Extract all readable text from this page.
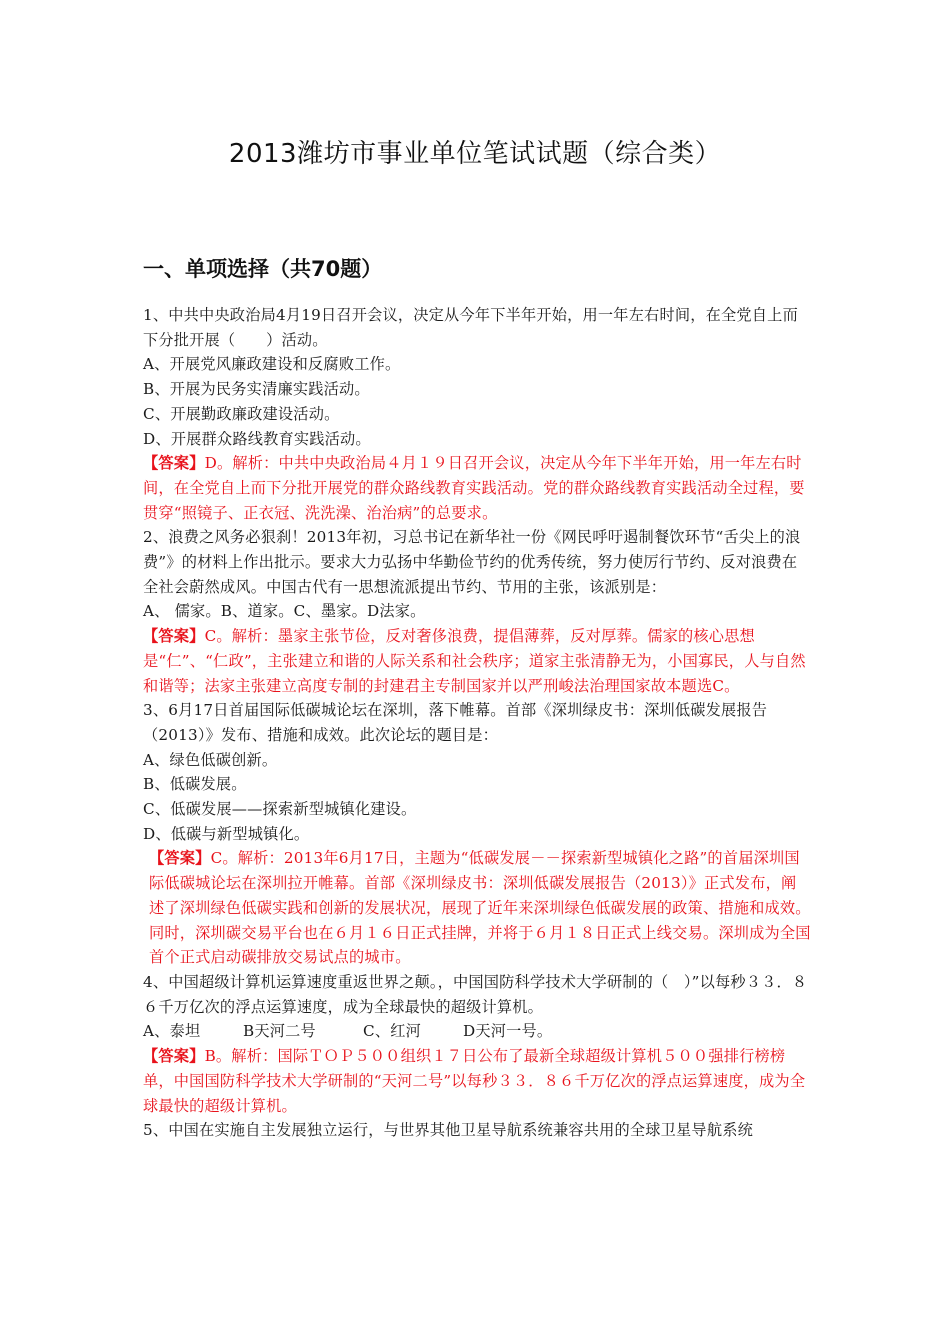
2013潍坊市事业单位笔试试题（综合类）
一、单项选择（共70题）

1、中共中央政治局4月19日召开会议，决定从今年下半年开始，用一年左右时间，在全党自上而下分批开展（　　）活动。

A、开展党风廉政建设和反腐败工作。

B、开展为民务实清廉实践活动。

C、开展勤政廉政建设活动。

D、开展群众路线教育实践活动。

【答案】D。解析：中共中央政治局４月１９日召开会议，决定从今年下半年开始，用一年左右时间，在全党自上而下分批开展党的群众路线教育实践活动。党的群众路线教育实践活动全过程，要贯穿“照镜子、正衣冠、洗洗澡、治治病”的总要求。

2、浪费之风务必狠刹！2013年初，习总书记在新华社一份《网民呼吁遏制餐饮环节“舌尖上的浪费”》的材料上作出批示。要求大力弘扬中华勤俭节约的优秀传统，努力使厉行节约、反对浪费在全社会蔚然成风。中国古代有一思想流派提出节约、节用的主张，该派别是：

A、 儒家。B、道家。C、墨家。D法家。

【答案】C。解析：墨家主张节俭，反对奢侈浪费，提倡薄葬，反对厚葬。儒家的核心思想是“仁”、“仁政”，主张建立和谐的人际关系和社会秩序；道家主张清静无为，小国寡民，人与自然和谐等；法家主张建立高度专制的封建君主专制国家并以严刑峻法治理国家故本题选C。

3、6月17日首届国际低碳城论坛在深圳，落下帷幕。首部《深圳绿皮书：深圳低碳发展报告（2013）》发布、措施和成效。此次论坛的题目是：

A、绿色低碳创新。

B、低碳发展。

C、低碳发展——探索新型城镇化建设。

D、低碳与新型城镇化。

【答案】C。解析：2013年6月17日，主题为“低碳发展－－探索新型城镇化之路”的首届深圳国际低碳城论坛在深圳拉开帷幕。首部《深圳绿皮书：深圳低碳发展报告（2013）》正式发布，阐述了深圳绿色低碳实践和创新的发展状况，展现了近年来深圳绿色低碳发展的政策、措施和成效。同时，深圳碳交易平台也在６月１６日正式挂牌，并将于６月１８日正式上线交易。深圳成为全国首个正式启动碳排放交易试点的城市。

4、中国超级计算机运算速度重返世界之颠。，中国国防科学技术大学研制的（　）”以每秒３３．８６千万亿次的浮点运算速度，成为全球最快的超级计算机。

A、泰坦	B天河二号	C、红河	D天河一号。

【答案】B。解析：国际ＴＯＰ５００组织１７日公布了最新全球超级计算机５００强排行榜榜单，中国国防科学技术大学研制的“天河二号”以每秒３３．８６千万亿次的浮点运算速度，成为全球最快的超级计算机。

5、中国在实施自主发展独立运行，与世界其他卫星导航系统兼容共用的全球卫星导航系统
